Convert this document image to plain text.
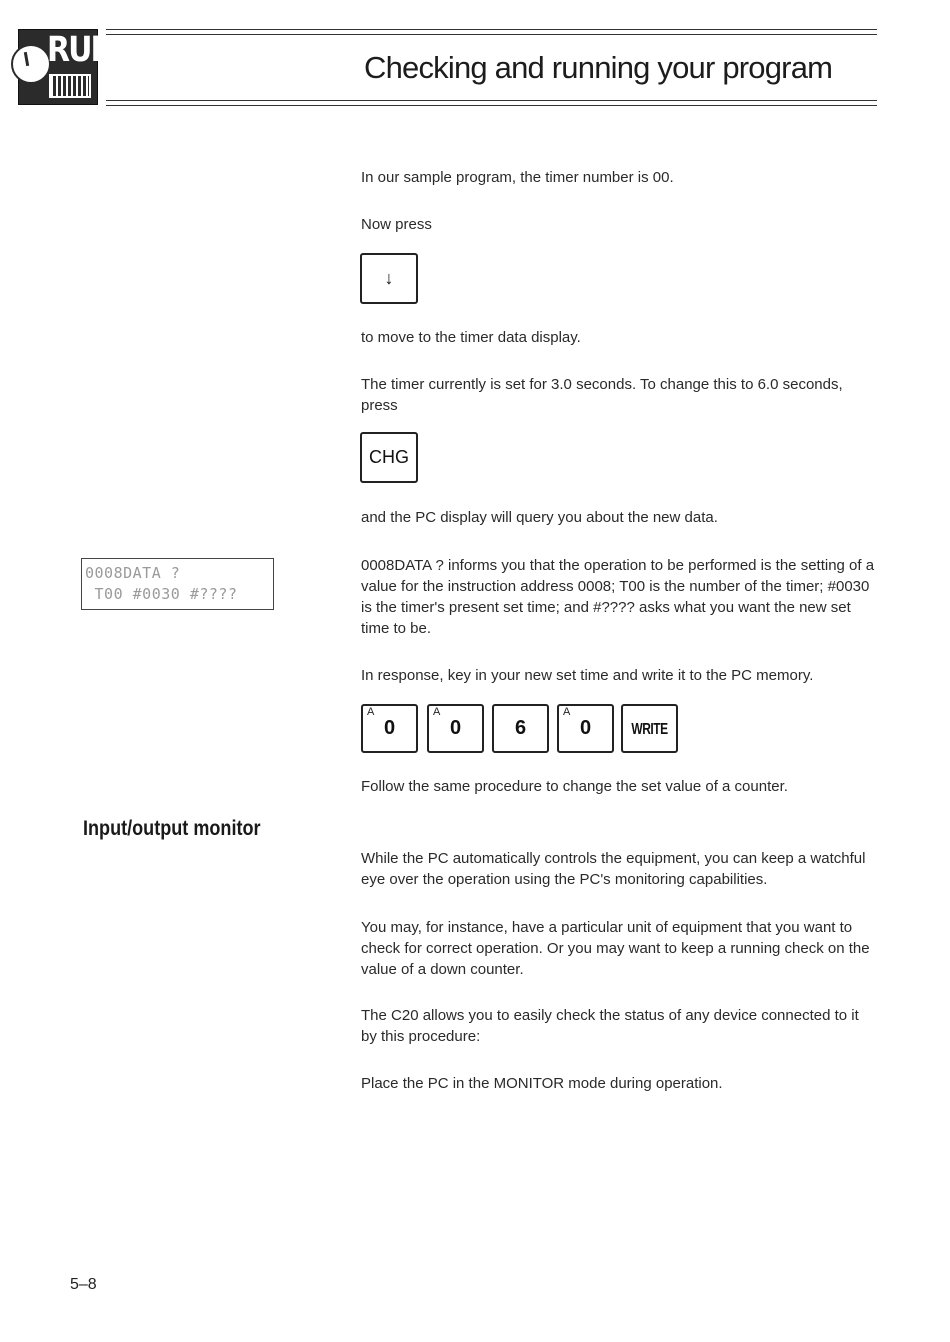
RUN	Checking and running your program
In our sample program, the timer number is 00.
Now press
↓
to move to the timer data display.
The timer currently is set for 3.0 seconds. To change this to 6.0 seconds, press
CHG
and the PC display will query you about the new data.
0008DATA ?
T00 #0030 #????
0008DATA ? informs you that the operation to be performed is the setting of a value for the instruction address 0008; T00 is the number of the timer; #0030 is the timer's present set time; and #???? asks what you want the new set time to be.
In response, key in your new set time and write it to the PC memory.
A
0
A
0	6
A
0	WRITE
Follow the same procedure to change the set value of a counter.
Input/output monitor
While the PC automatically controls the equipment, you can keep a watchful eye over the operation using the PC's monitoring capabilities.
You may, for instance, have a particular unit of equipment that you want to check for correct operation. Or you may want to keep a running check on the value of a down counter.
The C20 allows you to easily check the status of any device connected to it by this procedure:
Place the PC in the MONITOR mode during operation.
5–8
